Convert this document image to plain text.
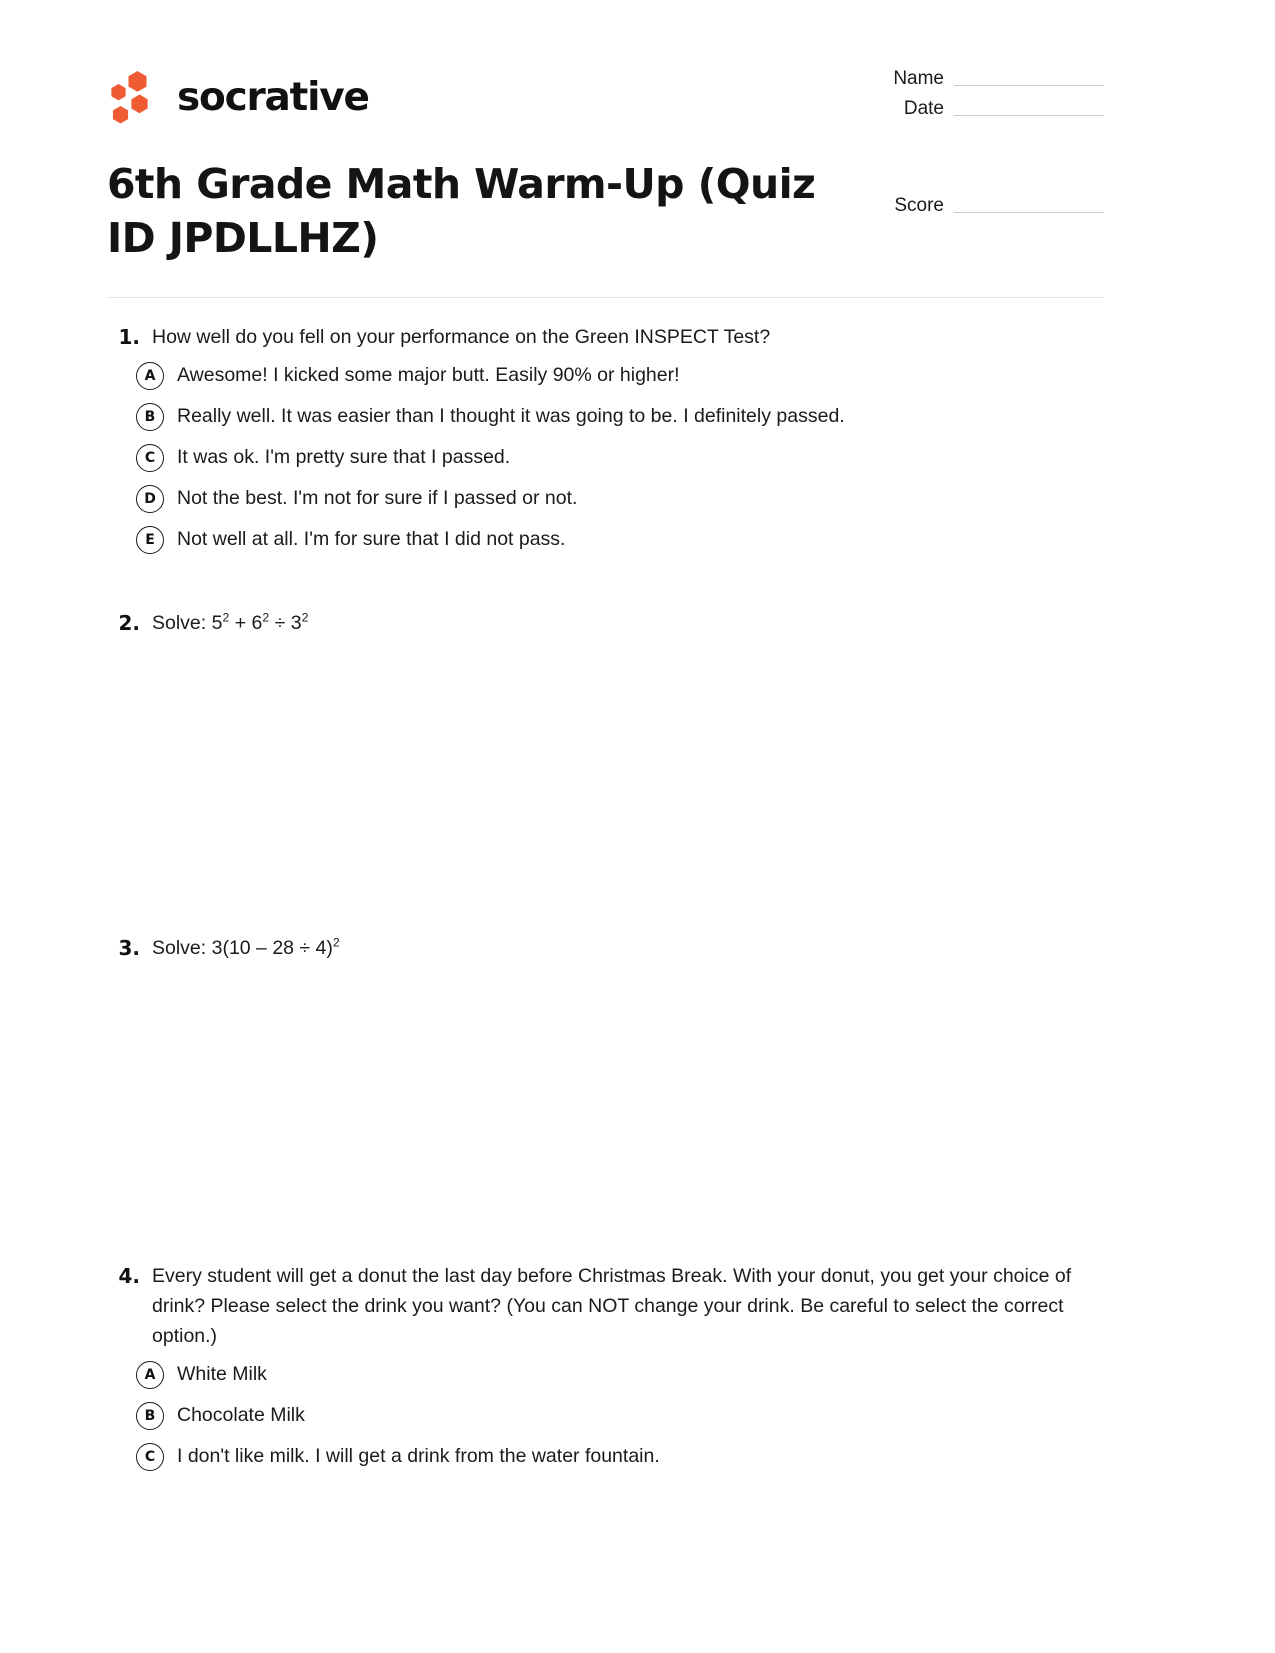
socrative	Name
Date
Score
6th Grade Math Warm-Up (Quiz ID JPDLLHZ)
1. How well do you fell on your performance on the Green INSPECT Test?
A	Awesome! I kicked some major butt. Easily 90% or higher!
B	Really well. It was easier than I thought it was going to be. I definitely passed.
C	It was ok. I'm pretty sure that I passed.
D	Not the best. I'm not for sure if I passed or not.
E	Not well at all. I'm for sure that I did not pass.
2. Solve: $5^2 + 6^2 \div 3^2$
3. Solve: $3(10 - 28 \div 4)^2$
4. Every student will get a donut the last day before Christmas Break. With your donut, you get your choice of drink? Please select the drink you want? (You can NOT change your drink. Be careful to select the correct option.)
A	White Milk
B	Chocolate Milk
C	I don't like milk. I will get a drink from the water fountain.
